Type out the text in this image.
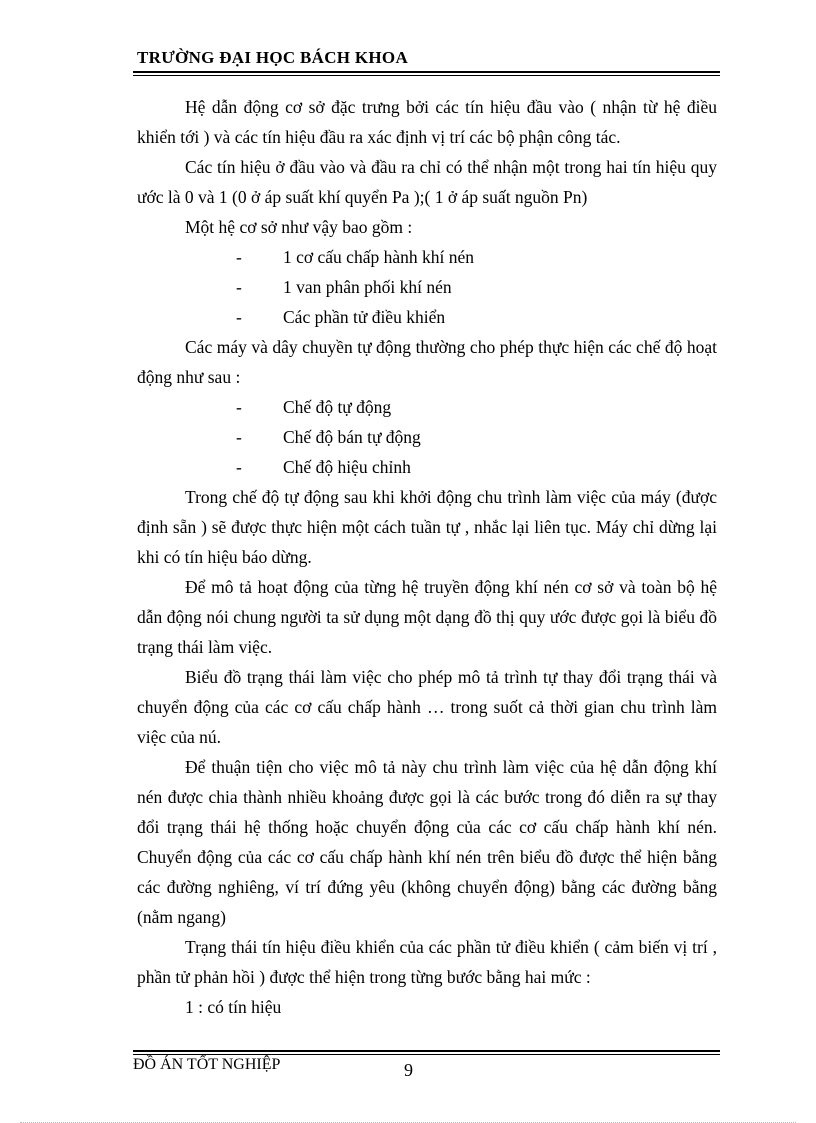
TRƯỜNG ĐẠI HỌC BÁCH KHOA

Hệ dẫn động cơ sở đặc trưng bởi các tín hiệu đầu vào ( nhận từ hệ điều khiển tới ) và các tín hiệu đầu ra xác định vị trí các bộ phận công tác.

Các tín hiệu ở đầu vào và đầu ra chỉ có thể nhận một trong hai tín hiệu quy ước là 0 và 1 (0 ở áp suất khí quyển Pa );( 1 ở áp suất nguồn Pn)

Một hệ cơ sở như vậy bao gồm :

- 1 cơ cấu chấp hành khí nén
- 1 van phân phối khí nén
- Các phần tử điều khiển

Các máy và dây chuyền tự động thường cho phép thực hiện các chế độ hoạt động như sau :

- Chế độ tự động
- Chế độ bán tự động
- Chế độ hiệu chỉnh

Trong chế độ tự động sau khi khởi động chu trình làm việc của máy (được định sẵn ) sẽ được thực hiện một cách tuần tự , nhắc lại liên tục. Máy chỉ dừng lại khi có tín hiệu báo dừng.

Để mô tả hoạt động của từng hệ truyền động khí nén cơ sở và toàn bộ hệ dẫn động nói chung người ta sử dụng một dạng đồ thị quy ước được gọi là biểu đồ trạng thái làm việc.

Biểu đồ trạng thái làm việc cho phép mô tả trình tự thay đổi trạng thái và chuyển động của các cơ cấu chấp hành … trong suốt cả thời gian chu trình làm việc của nú.

Để thuận tiện cho việc mô tả này chu trình làm việc của hệ dẫn động khí nén được chia thành nhiều khoảng được gọi là các bước trong đó diễn ra sự thay đổi trạng thái hệ thống hoặc chuyển động của các cơ cấu chấp hành khí nén. Chuyển động của các cơ cấu chấp hành khí nén trên biểu đồ được thể hiện bằng các đường nghiêng, ví trí đứng yêu (không chuyển động) bằng các đường bằng (nằm ngang)

Trạng thái tín hiệu điều khiển của các phần tử điều khiển ( cảm biến vị trí , phần tử phản hồi ) được thể hiện trong từng bước bằng hai mức :

1 : có tín hiệu

ĐỒ ÁN TỐT NGHIỆP	9
